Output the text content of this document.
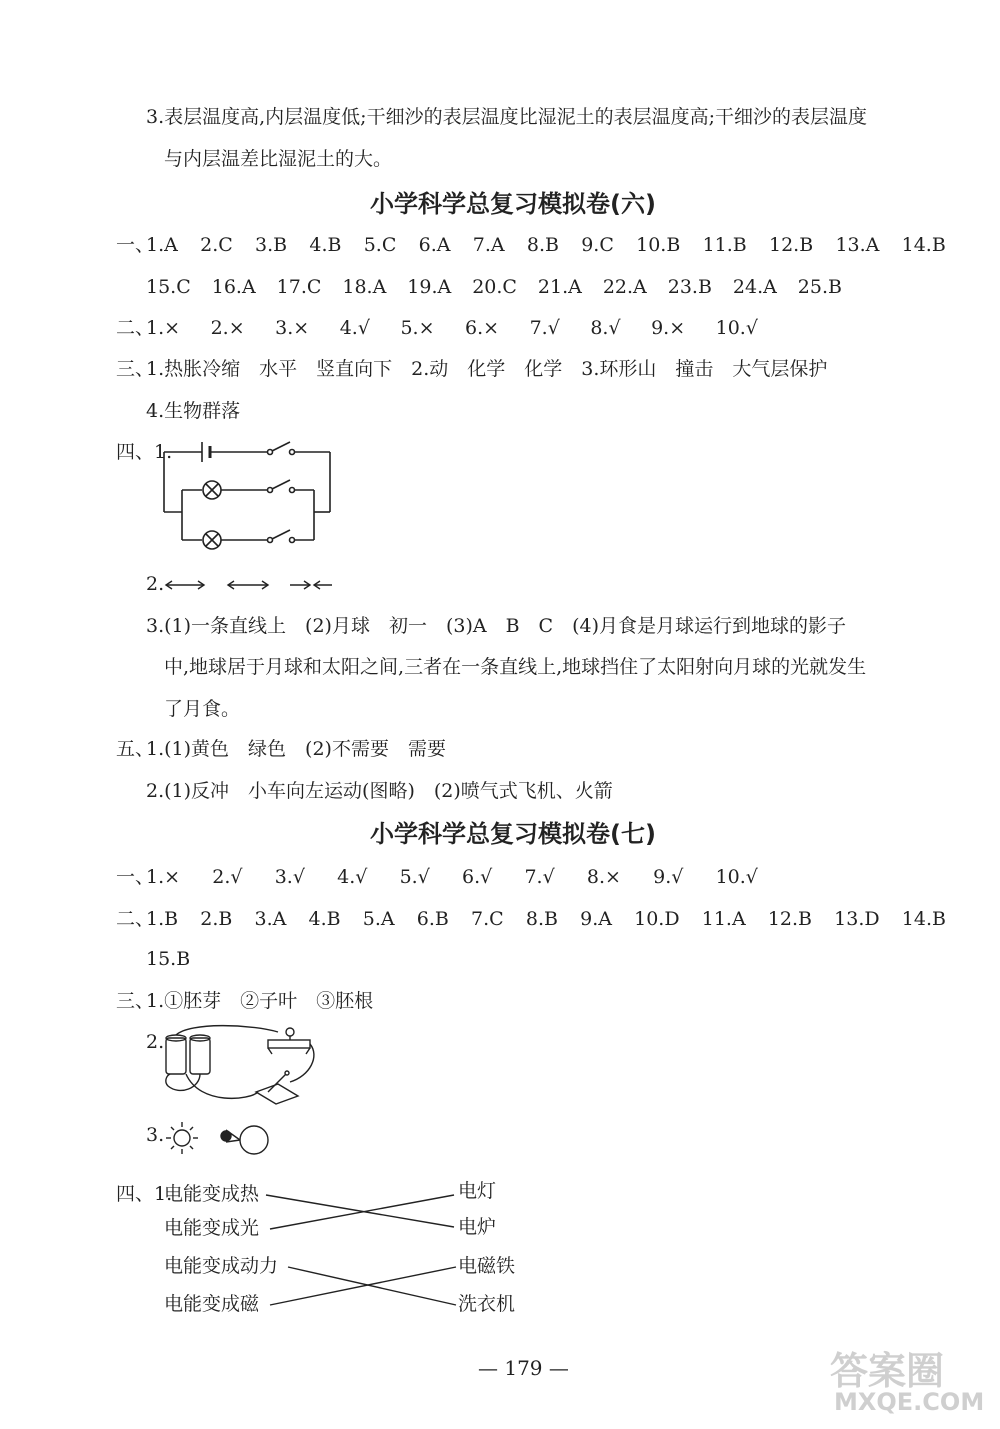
3.表层温度高,内层温度低;干细沙的表层温度比湿泥土的表层温度高;干细沙的表层温度
与内层温差比湿泥土的大。
小学科学总复习模拟卷(六)
一、
1.A 2.C 3.B 4.B 5.C 6.A 7.A 8.B 9.C 10.B 11.B 12.B 13.A 14.B
15.C 16.A 17.C 18.A 19.A 20.C 21.A 22.A 23.B 24.A 25.B
二、
1.× 2.× 3.× 4.√ 5.× 6.× 7.√ 8.√ 9.× 10.√
三、
1.热胀冷缩　水平　竖直向下　2.动　化学　化学　3.环形山　撞击　大气层保护
4.生物群落
四、1.
2.
3.(1)一条直线上　(2)月球　初一　(3)A　B　C　(4)月食是月球运行到地球的影子
中,地球居于月球和太阳之间,三者在一条直线上,地球挡住了太阳射向月球的光就发生
了月食。
五、
1.(1)黄色　绿色　(2)不需要　需要
2.(1)反冲　小车向左运动(图略)　(2)喷气式飞机、火箭
小学科学总复习模拟卷(七)
一、
1.× 2.√ 3.√ 4.√ 5.√ 6.√ 7.√ 8.× 9.√ 10.√
二、
1.B 2.B 3.A 4.B 5.A 6.B 7.C 8.B 9.A 10.D 11.A 12.B 13.D 14.B
15.B
三、
1.①胚芽　②子叶　③胚根
2.
3.
四、1.
电能变成热
电能变成光
电能变成动力
电能变成磁
电灯
电炉
电磁铁
洗衣机
— 179 —	答案圈
MXQE.COM
